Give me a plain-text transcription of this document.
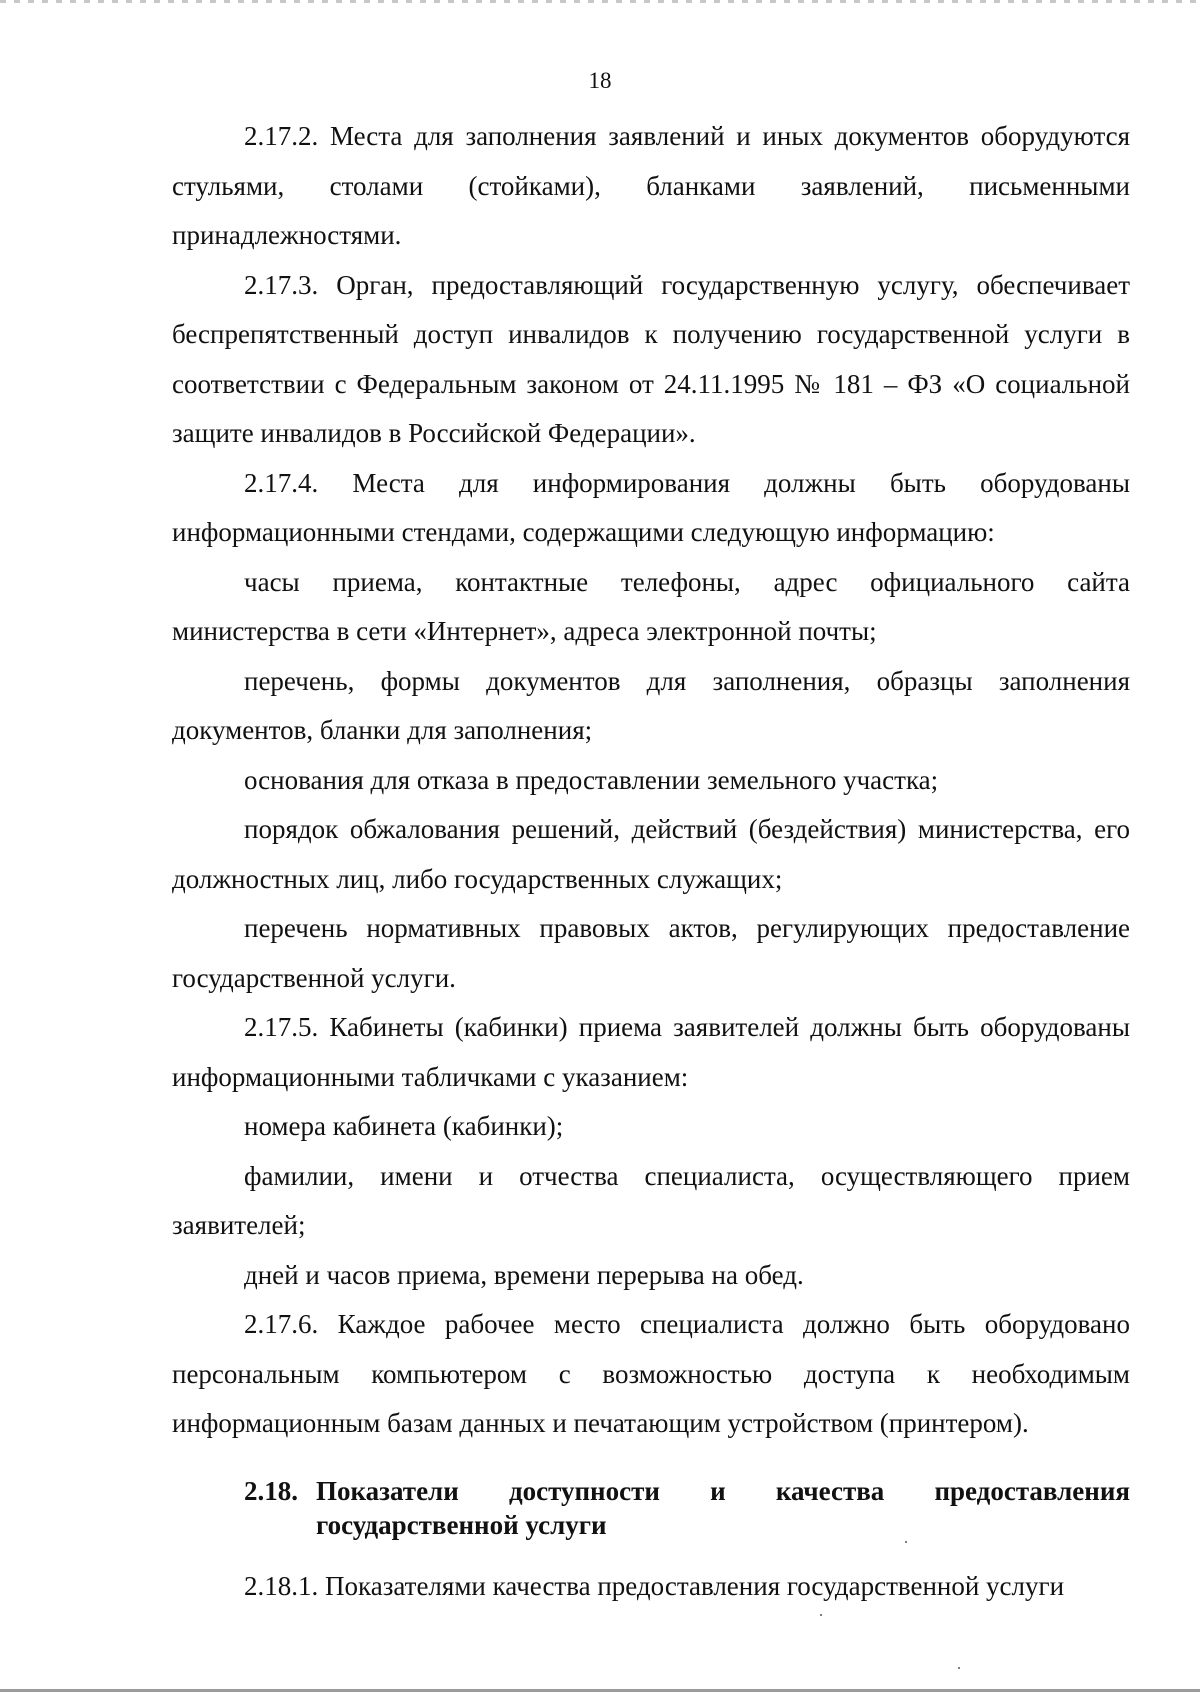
18

2.17.2. Места для заполнения заявлений и иных документов оборудуются стульями, столами (стойками), бланками заявлений, письменными принадлежностями.

2.17.3. Орган, предоставляющий государственную услугу, обеспечивает беспрепятственный доступ инвалидов к получению государственной услуги в соответствии с Федеральным законом от 24.11.1995 № 181 – ФЗ «О социальной защите инвалидов в Российской Федерации».

2.17.4. Места для информирования должны быть оборудованы информационными стендами, содержащими следующую информацию:

часы приема, контактные телефоны, адрес официального сайта министерства в сети «Интернет», адреса электронной почты;

перечень, формы документов для заполнения, образцы заполнения документов, бланки для заполнения;

основания для отказа в предоставлении земельного участка;

порядок обжалования решений, действий (бездействия) министерства, его должностных лиц, либо государственных служащих;

перечень нормативных правовых актов, регулирующих предоставление государственной услуги.

2.17.5. Кабинеты (кабинки) приема заявителей должны быть оборудованы информационными табличками с указанием:

номера кабинета (кабинки);

фамилии, имени и отчества специалиста, осуществляющего прием заявителей;

дней и часов приема, времени перерыва на обед.

2.17.6. Каждое рабочее место специалиста должно быть оборудовано персональным компьютером с возможностью доступа к необходимым информационным базам данных и печатающим устройством (принтером).

2.18. Показатели доступности и качества предоставления
государственной услуги

2.18.1. Показателями качества предоставления государственной услуги
